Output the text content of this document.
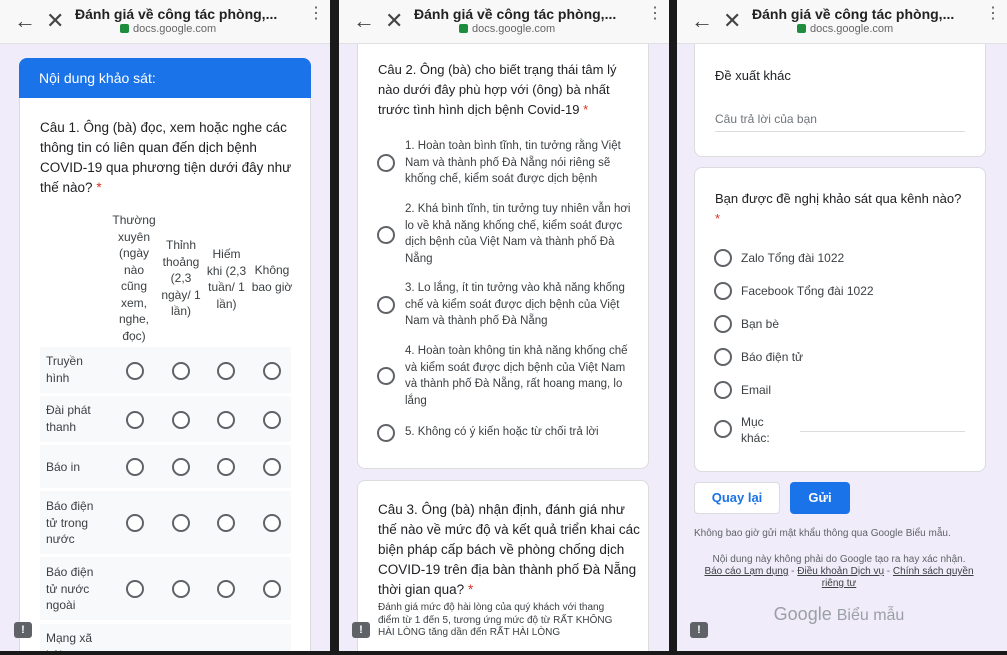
← ✕ Đánh giá về công tác phòng,...
docs.google.com
⋮
Nội dung khảo sát:
Câu 1. Ông (bà) đọc, xem hoặc nghe các thông tin có liên quan đến dịch bệnh COVID-19 qua phương tiện dưới đây như thế nào? *
Thường xuyên (ngày nào cũng xem, nghe, đọc)
Thỉnh thoảng (2,3 ngày/ 1 lần)
Hiếm khi (2,3 tuần/ 1 lần)
Không bao giờ
Truyền hình
Đài phát thanh
Báo in
Báo điện tử trong nước
Báo điện tử nước ngoài
Mạng xã
!
← ✕ Đánh giá về công tác phòng,...
docs.google.com
⋮
Câu 2. Ông (bà) cho biết trạng thái tâm lý nào dưới đây phù hợp với (ông) bà nhất trước tình hình dịch bệnh Covid-19 *
1. Hoàn toàn bình tĩnh, tin tưởng rằng Việt Nam và thành phố Đà Nẵng nói riêng sẽ khống chế, kiểm soát được dịch bệnh
2. Khá bình tĩnh, tin tưởng tuy nhiên vẫn hơi lo về khả năng khống chế, kiểm soát được dịch bệnh của Việt Nam và thành phố Đà Nẵng
3. Lo lắng, ít tin tưởng vào khả năng khống chế và kiểm soát được dịch bệnh của Việt Nam và thành phố Đà Nẵng
4. Hoàn toàn không tin khả năng khống chế và kiểm soát được dịch bệnh của Việt Nam và thành phố Đà Nẵng, rất hoang mang, lo lắng
5. Không có ý kiến hoặc từ chối trả lời
Câu 3. Ông (bà) nhận định, đánh giá như thế nào về mức độ và kết quả triển khai các biện pháp cấp bách về phòng chống dịch COVID-19 trên địa bàn thành phố Đà Nẵng thời gian qua? *
Đánh giá mức độ hài lòng của quý khách với thang điểm từ 1 đến 5, tương ứng mức độ từ RẤT KHÔNG HÀI LÒNG tăng dần đến RẤT HÀI LÒNG
!
← ✕ Đánh giá về công tác phòng,...
docs.google.com
⋮
Đề xuất khác
Câu trả lời của bạn
Bạn được đề nghị khảo sát qua kênh nào?
*
Zalo Tổng đài 1022
Facebook Tổng đài 1022
Bạn bè
Báo điện tử
Email
Mục khác:
Quay lại	Gửi
Không bao giờ gửi mật khẩu thông qua Google Biểu mẫu.
Nội dung này không phải do Google tạo ra hay xác nhận.
Báo cáo Lạm dụng - Điều khoản Dịch vụ - Chính sách quyền riêng tư
Google Biểu mẫu
!
